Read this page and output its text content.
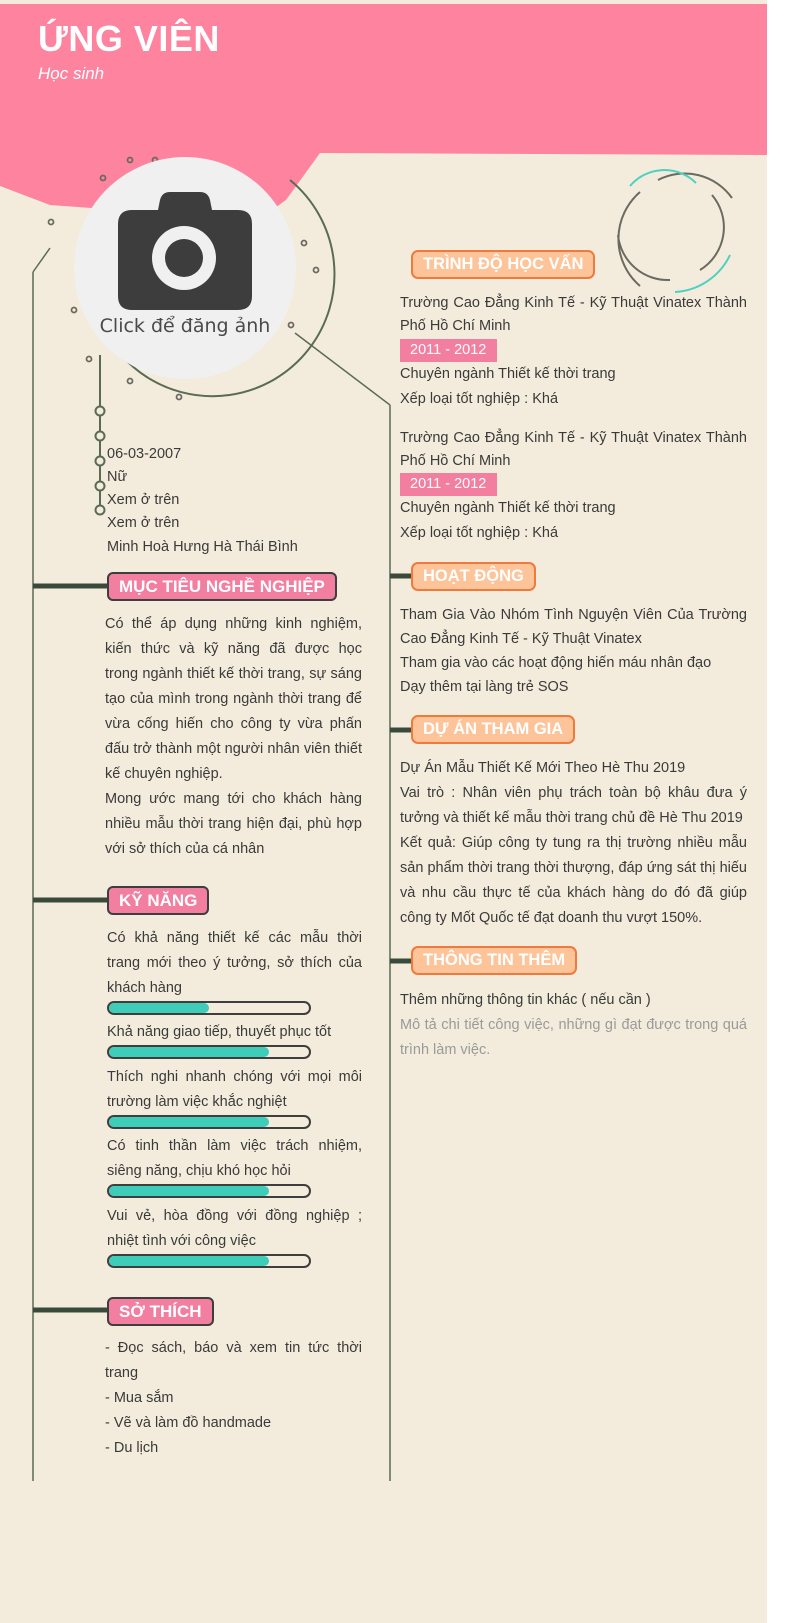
ỨNG VIÊN
Học sinh
Click để đăng ảnh
06-03-2007
Nữ
Xem ở trên
Xem ở trên
Minh Hoà Hưng Hà Thái Bình
MỤC TIÊU NGHỀ NGHIỆP

Có thể áp dụng những kinh nghiệm, kiến thức và kỹ năng đã được học trong ngành thiết kế thời trang, sự sáng tạo của mình trong ngành thời trang để vừa cống hiến cho công ty vừa phấn đấu trở thành một người nhân viên thiết kế chuyên nghiệp.

Mong ước mang tới cho khách hàng nhiều mẫu thời trang hiện đại, phù hợp với sở thích của cá nhân

KỸ NĂNG
Có khả năng thiết kế các mẫu thời trang mới theo ý tưởng, sở thích của khách hàng
Khả năng giao tiếp, thuyết phục tốt
Thích nghi nhanh chóng với mọi môi trường làm việc khắc nghiệt
Có tinh thần làm việc trách nhiệm, siêng năng, chịu khó học hỏi
Vui vẻ, hòa đồng với đồng nghiệp ; nhiệt tình với công việc
SỞ THÍCH

- Đọc sách, báo và xem tin tức thời trang

- Mua sắm

- Vẽ và làm đồ handmade

- Du lịch

TRÌNH ĐỘ HỌC VẤN
Trường Cao Đẳng Kinh Tế - Kỹ Thuật Vinatex Thành Phố Hồ Chí Minh
2011 - 2012
Chuyên ngành Thiết kế thời trang
Xếp loại tốt nghiệp : Khá
Trường Cao Đẳng Kinh Tế - Kỹ Thuật Vinatex Thành Phố Hồ Chí Minh
2011 - 2012
Chuyên ngành Thiết kế thời trang
Xếp loại tốt nghiệp : Khá
HOẠT ĐỘNG

Tham Gia Vào Nhóm Tình Nguyện Viên Của Trường Cao Đẳng Kinh Tế - Kỹ Thuật Vinatex

Tham gia vào các hoạt động hiến máu nhân đạo

Dạy thêm tại làng trẻ SOS

DỰ ÁN THAM GIA

Dự Án Mẫu Thiết Kế Mới Theo Hè Thu 2019

Vai trò : Nhân viên phụ trách toàn bộ khâu đưa ý tưởng và thiết kế mẫu thời trang chủ đề Hè Thu 2019

Kết quả: Giúp công ty tung ra thị trường nhiều mẫu sản phẩm thời trang thời thượng, đáp ứng sát thị hiếu và nhu cầu thực tế của khách hàng do đó đã giúp công ty Mốt Quốc tế đạt doanh thu vượt 150%.

THÔNG TIN THÊM

Thêm những thông tin khác ( nếu cần )

Mô tả chi tiết công việc, những gì đạt được trong quá trình làm việc.
